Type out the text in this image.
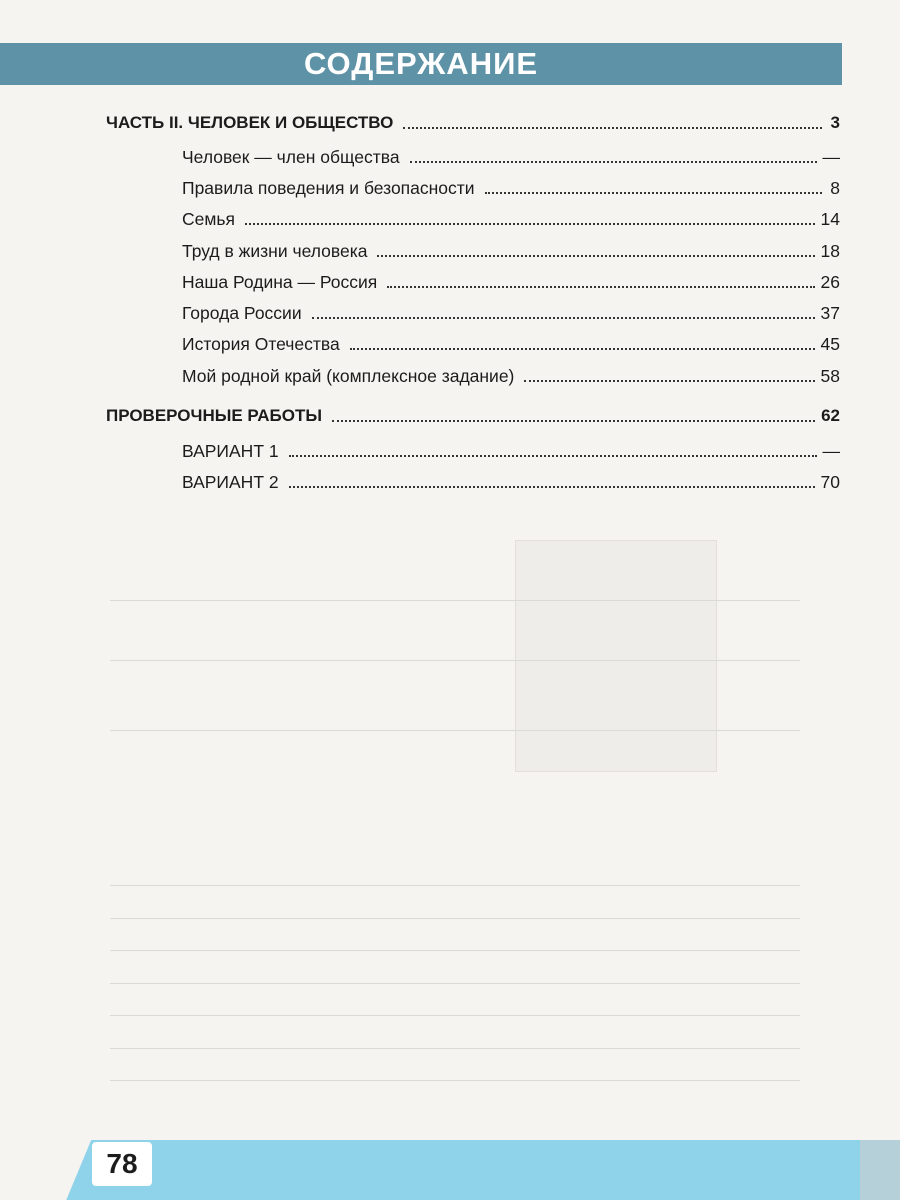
СОДЕРЖАНИЕ
ЧАСТЬ II. ЧЕЛОВЕК И ОБЩЕСТВО	3
Человек — член общества	—
Правила поведения и безопасности	8
Семья	14
Труд в жизни человека	18
Наша Родина — Россия	26
Города России	37
История Отечества	45
Мой родной край (комплексное задание)	58
ПРОВЕРОЧНЫЕ РАБОТЫ	62
ВАРИАНТ 1	—
ВАРИАНТ 2	70
78
